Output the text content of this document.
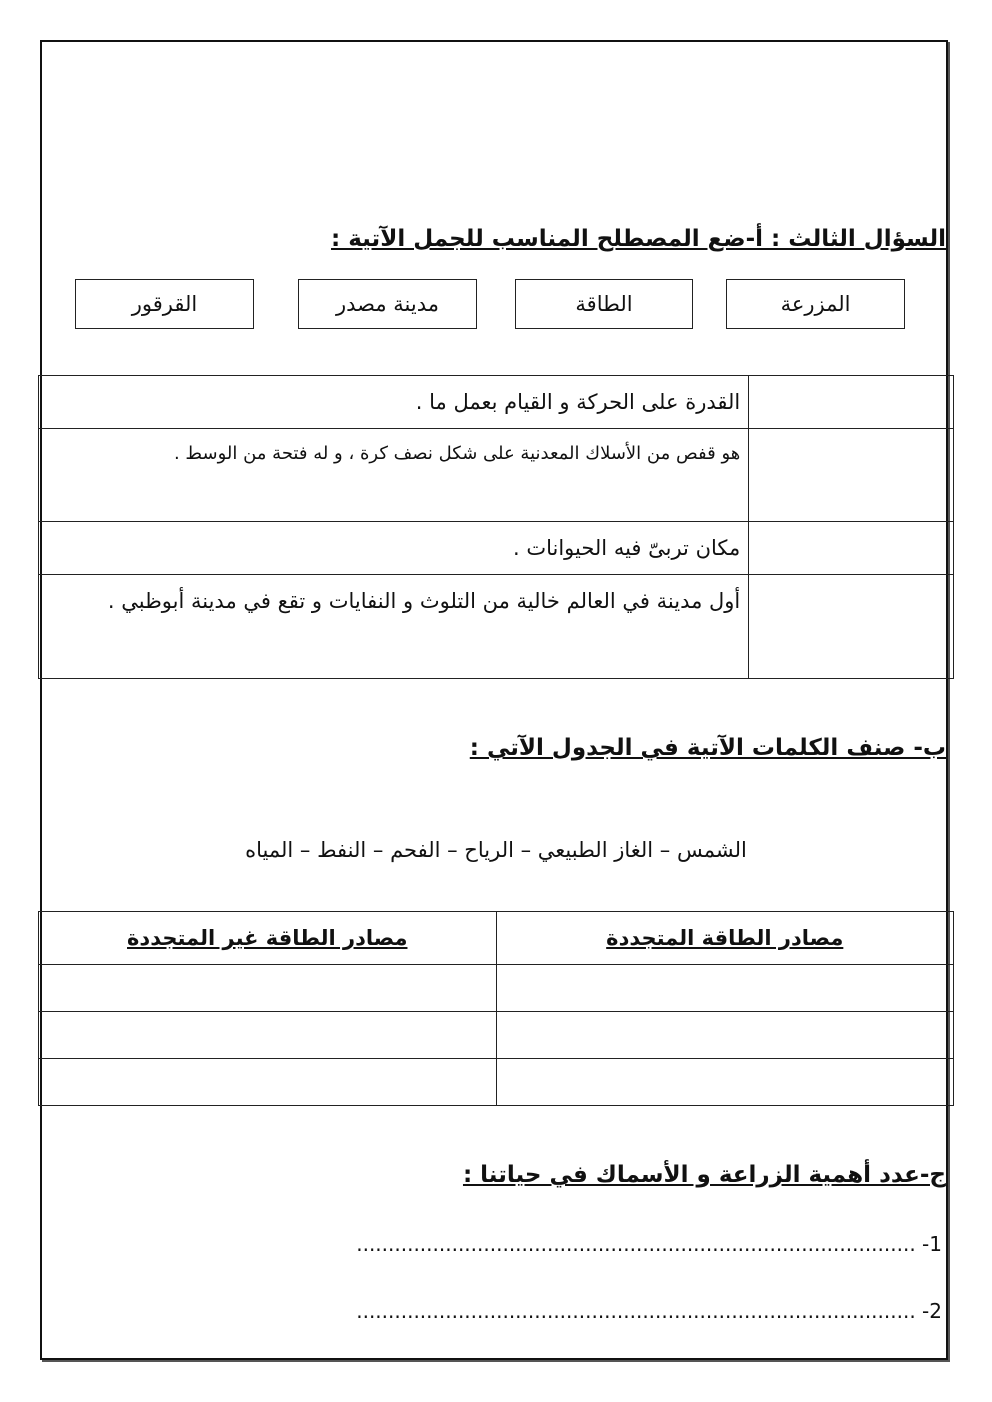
السؤال الثالث : أ-ضع المصطلح المناسب للجمل الآتية :
المزرعة
الطاقة
مدينة مصدر
القرقور
	القدرة على الحركة و القيام بعمل ما .
	هو قفص من الأسلاك المعدنية على شكل نصف كرة ، و له فتحة من الوسط .
	مكان تربىّ فيه الحيوانات .
	أول مدينة في العالم خالية من التلوث و النفايات و تقع في مدينة أبوظبي .
ب- صنف الكلمات الآتية في الجدول الآتي :
الشمس – الغاز الطبيعي – الرياح – الفحم – النفط – المياه
مصادر الطاقة المتجددة	مصادر الطاقة غير المتجددة

ج-عدد أهمية الزراعة و الأسماك في حياتنا :
........................................................................................ -1
........................................................................................ -2
